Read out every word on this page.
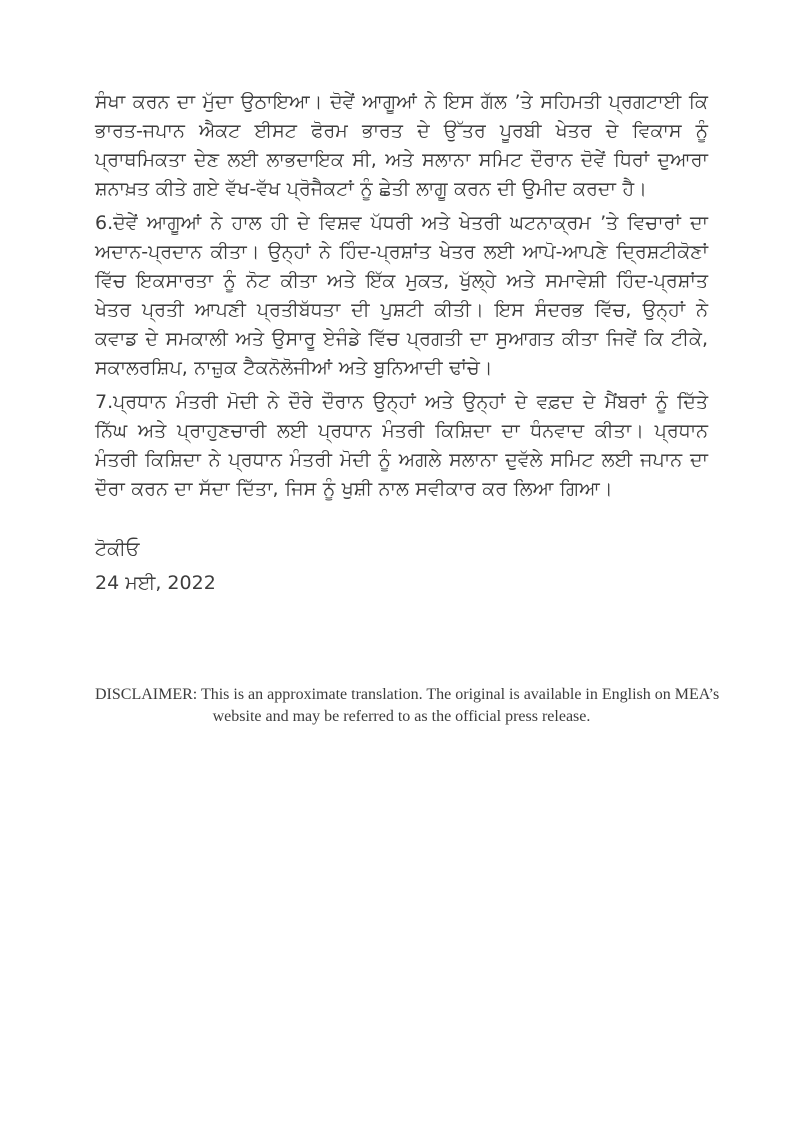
ਸੰਖਾ ਕਰਨ ਦਾ ਮੁੱਦਾ ਉਠਾਇਆ। ਦੋਵੇਂ ਆਗੂਆਂ ਨੇ ਇਸ ਗੱਲ ’ਤੇ ਸਹਿਮਤੀ ਪ੍ਰਗਟਾਈ ਕਿ ਭਾਰਤ-ਜਪਾਨ ਐਕਟ ਈਸਟ ਫੋਰਮ ਭਾਰਤ ਦੇ ਉੱਤਰ ਪੂਰਬੀ ਖੇਤਰ ਦੇ ਵਿਕਾਸ ਨੂੰ ਪ੍ਰਾਥਮਿਕਤਾ ਦੇਣ ਲਈ ਲਾਭਦਾਇਕ ਸੀ, ਅਤੇ ਸਲਾਨਾ ਸਮਿਟ ਦੌਰਾਨ ਦੋਵੇਂ ਧਿਰਾਂ ਦੁਆਰਾ ਸ਼ਨਾਖ਼ਤ ਕੀਤੇ ਗਏ ਵੱਖ-ਵੱਖ ਪ੍ਰੋਜੈਕਟਾਂ ਨੂੰ ਛੇਤੀ ਲਾਗੂ ਕਰਨ ਦੀ ਉਮੀਦ ਕਰਦਾ ਹੈ।

6.ਦੋਵੇਂ ਆਗੂਆਂ ਨੇ ਹਾਲ ਹੀ ਦੇ ਵਿਸ਼ਵ ਪੱਧਰੀ ਅਤੇ ਖੇਤਰੀ ਘਟਨਾਕ੍ਰਮ ’ਤੇ ਵਿਚਾਰਾਂ ਦਾ ਅਦਾਨ-ਪ੍ਰਦਾਨ ਕੀਤਾ। ਉਨ੍ਹਾਂ ਨੇ ਹਿੰਦ-ਪ੍ਰਸ਼ਾਂਤ ਖੇਤਰ ਲਈ ਆਪੋ-ਆਪਣੇ ਦ੍ਰਿਸ਼ਟੀਕੋਣਾਂ ਵਿੱਚ ਇਕਸਾਰਤਾ ਨੂੰ ਨੋਟ ਕੀਤਾ ਅਤੇ ਇੱਕ ਮੁਕਤ, ਖੁੱਲ੍ਹੇ ਅਤੇ ਸਮਾਵੇਸ਼ੀ ਹਿੰਦ-ਪ੍ਰਸ਼ਾਂਤ ਖੇਤਰ ਪ੍ਰਤੀ ਆਪਣੀ ਪ੍ਰਤੀਬੱਧਤਾ ਦੀ ਪੁਸ਼ਟੀ ਕੀਤੀ। ਇਸ ਸੰਦਰਭ ਵਿੱਚ, ਉਨ੍ਹਾਂ ਨੇ ਕਵਾਡ ਦੇ ਸਮਕਾਲੀ ਅਤੇ ਉਸਾਰੂ ਏਜੰਡੇ ਵਿੱਚ ਪ੍ਰਗਤੀ ਦਾ ਸੁਆਗਤ ਕੀਤਾ ਜਿਵੇਂ ਕਿ ਟੀਕੇ, ਸਕਾਲਰਸ਼ਿਪ, ਨਾਜ਼ੁਕ ਟੈਕਨੋਲੋਜੀਆਂ ਅਤੇ ਬੁਨਿਆਦੀ ਢਾਂਚੇ।

7.ਪ੍ਰਧਾਨ ਮੰਤਰੀ ਮੋਦੀ ਨੇ ਦੌਰੇ ਦੌਰਾਨ ਉਨ੍ਹਾਂ ਅਤੇ ਉਨ੍ਹਾਂ ਦੇ ਵਫ਼ਦ ਦੇ ਮੈਂਬਰਾਂ ਨੂੰ ਦਿੱਤੇ ਨਿੱਘ ਅਤੇ ਪ੍ਰਾਹੁਣਚਾਰੀ ਲਈ ਪ੍ਰਧਾਨ ਮੰਤਰੀ ਕਿਸ਼ਿਦਾ ਦਾ ਧੰਨਵਾਦ ਕੀਤਾ। ਪ੍ਰਧਾਨ ਮੰਤਰੀ ਕਿਸ਼ਿਦਾ ਨੇ ਪ੍ਰਧਾਨ ਮੰਤਰੀ ਮੋਦੀ ਨੂੰ ਅਗਲੇ ਸਲਾਨਾ ਦੁਵੱਲੇ ਸਮਿਟ ਲਈ ਜਪਾਨ ਦਾ ਦੌਰਾ ਕਰਨ ਦਾ ਸੱਦਾ ਦਿੱਤਾ, ਜਿਸ ਨੂੰ ਖੁਸ਼ੀ ਨਾਲ ਸਵੀਕਾਰ ਕਰ ਲਿਆ ਗਿਆ।

ਟੋਕੀਓ

24 ਮਈ, 2022

DISCLAIMER: This is an approximate translation. The original is available in English on MEA’s
website and may be referred to as the official press release.
